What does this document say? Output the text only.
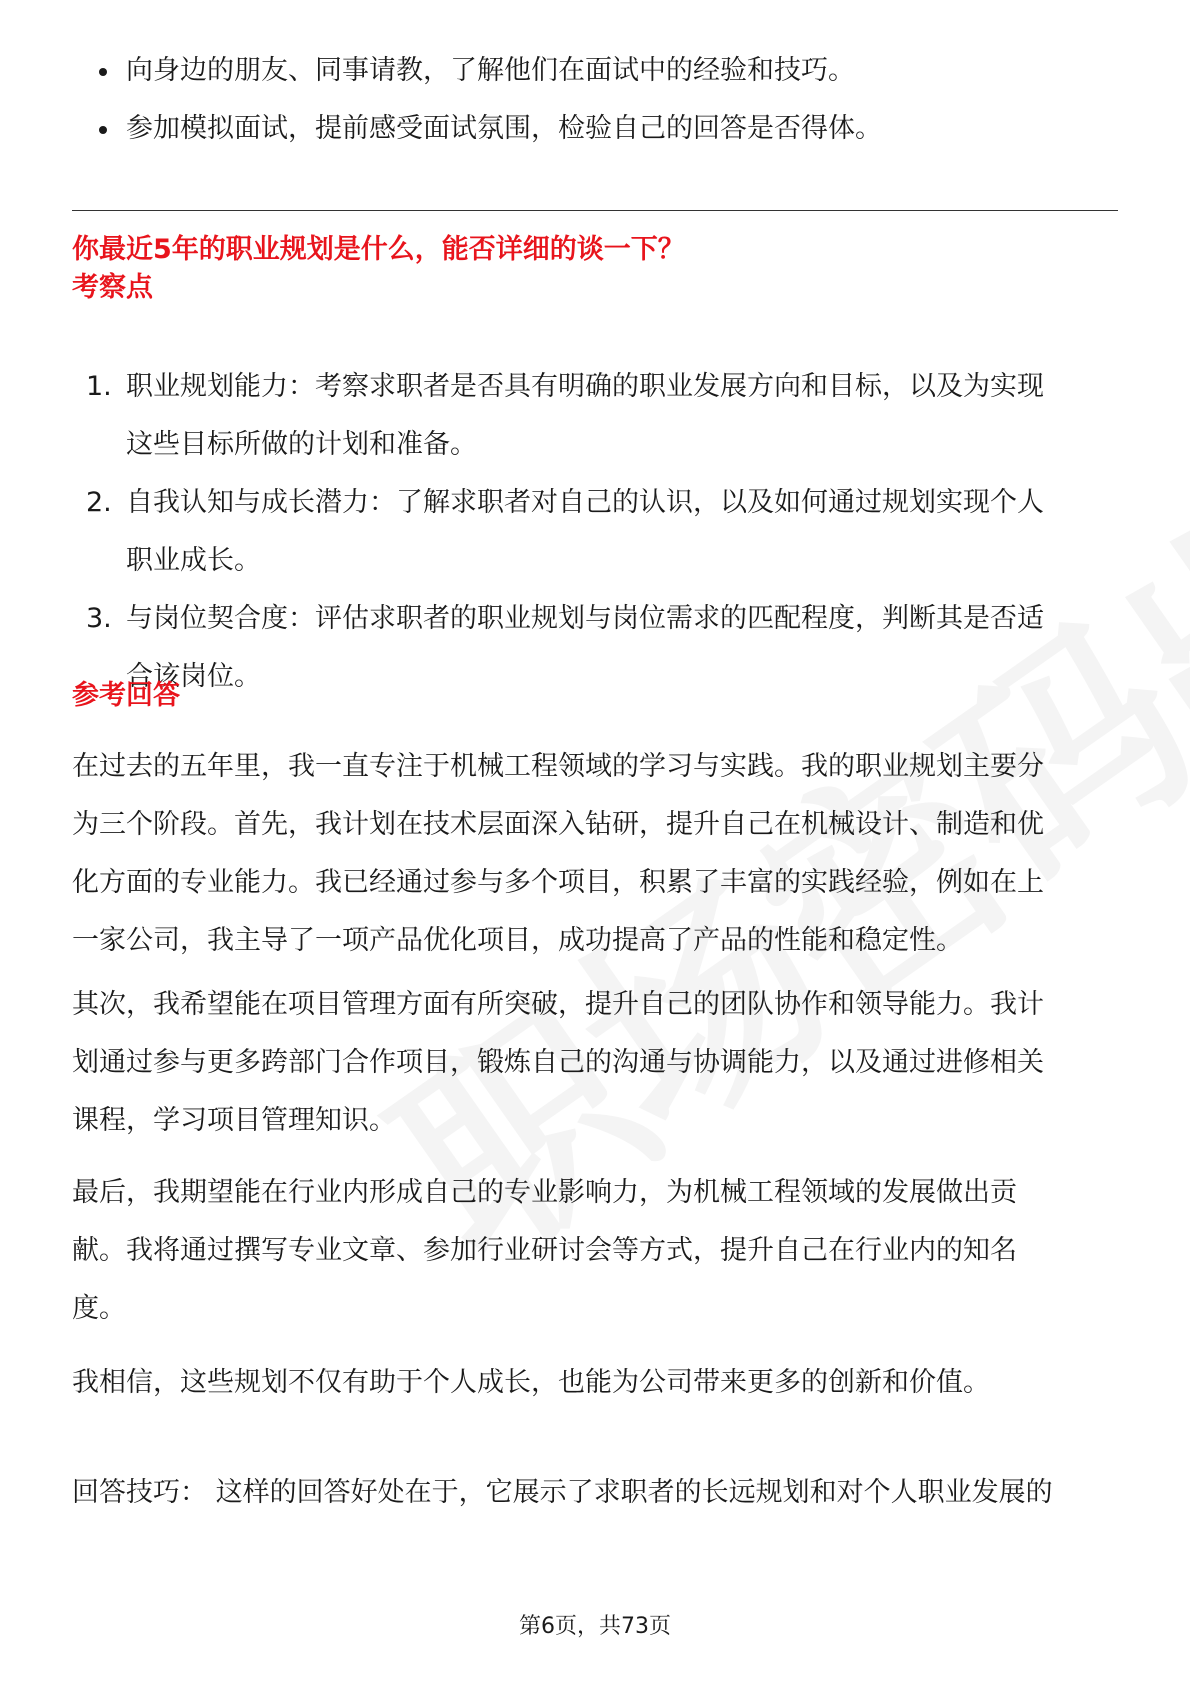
向身边的朋友、同事请教，了解他们在面试中的经验和技巧。
参加模拟面试，提前感受面试氛围，检验自己的回答是否得体。
你最近5年的职业规划是什么，能否详细的谈一下？
考察点
1. 职业规划能力：考察求职者是否具有明确的职业发展方向和目标，以及为实现
这些目标所做的计划和准备。
2. 自我认知与成长潜力：了解求职者对自己的认识，以及如何通过规划实现个人
职业成长。
3. 与岗位契合度：评估求职者的职业规划与岗位需求的匹配程度，判断其是否适
合该岗位。
参考回答
在过去的五年里，我一直专注于机械工程领域的学习与实践。我的职业规划主要分
为三个阶段。首先，我计划在技术层面深入钻研，提升自己在机械设计、制造和优
化方面的专业能力。我已经通过参与多个项目，积累了丰富的实践经验，例如在上
一家公司，我主导了一项产品优化项目，成功提高了产品的性能和稳定性。
其次，我希望能在项目管理方面有所突破，提升自己的团队协作和领导能力。我计
划通过参与更多跨部门合作项目，锻炼自己的沟通与协调能力，以及通过进修相关
课程，学习项目管理知识。
最后，我期望能在行业内形成自己的专业影响力，为机械工程领域的发展做出贡
献。我将通过撰写专业文章、参加行业研讨会等方式，提升自己在行业内的知名
度。
我相信，这些规划不仅有助于个人成长，也能为公司带来更多的创新和价值。
回答技巧： 这样的回答好处在于，它展示了求职者的长远规划和对个人职业发展的
第6页，共73页
